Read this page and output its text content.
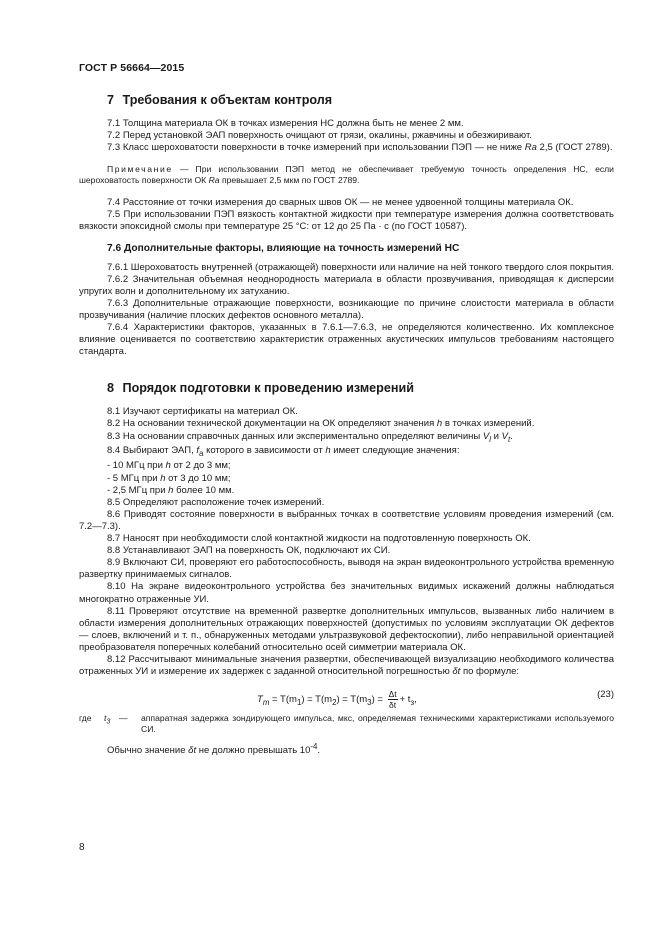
ГОСТ Р 56664—2015
7 Требования к объектам контроля

7.1 Толщина материала ОК в точках измерения НС должна быть не менее 2 мм.

7.2 Перед установкой ЭАП поверхность очищают от грязи, окалины, ржавчины и обезжиривают.

7.3 Класс шероховатости поверхности в точке измерений при использовании ПЭП — не ниже Ra 2,5 (ГОСТ 2789).

Примечание — При использовании ПЭП метод не обеспечивает требуемую точность определения НС, если шероховатость поверхности ОК Ra превышает 2,5 мкм по ГОСТ 2789.

7.4 Расстояние от точки измерения до сварных швов ОК — не менее удвоенной толщины материала ОК.

7.5 При использовании ПЭП вязкость контактной жидкости при температуре измерения должна соответствовать вязкости эпоксидной смолы при температуре 25 °С: от 12 до 25 Па · с (по ГОСТ 10587).

7.6 Дополнительные факторы, влияющие на точность измерений НС

7.6.1 Шероховатость внутренней (отражающей) поверхности или наличие на ней тонкого твердого слоя покрытия.

7.6.2 Значительная объемная неоднородность материала в области прозвучивания, приводящая к дисперсии упругих волн и дополнительному их затуханию.

7.6.3 Дополнительные отражающие поверхности, возникающие по причине слоистости материала в области прозвучивания (наличие плоских дефектов основного металла).

7.6.4 Характеристики факторов, указанных в 7.6.1—7.6.3, не определяются количественно. Их комплексное влияние оценивается по соответствию характеристик отраженных акустических импульсов требованиям настоящего стандарта.

8 Порядок подготовки к проведению измерений

8.1 Изучают сертификаты на материал ОК.

8.2 На основании технической документации на ОК определяют значения h в точках измерений.

8.3 На основании справочных данных или экспериментально определяют величины $V_l$ и $V_t$.

8.4 Выбирают ЭАП, $f_a$ которого в зависимости от h имеет следующие значения:

- 10 МГц при h от 2 до 3 мм;

- 5 МГц при h от 3 до 10 мм;

- 2,5 МГц при h более 10 мм.

8.5 Определяют расположение точек измерений.

8.6 Приводят состояние поверхности в выбранных точках в соответствие условиям проведения измерений (см. 7.2—7.3).

8.7 Наносят при необходимости слой контактной жидкости на подготовленную поверхность ОК.

8.8 Устанавливают ЭАП на поверхность ОК, подключают их СИ.

8.9 Включают СИ, проверяют его работоспособность, выводя на экран видеоконтрольного устройства временную развертку принимаемых сигналов.

8.10 На экране видеоконтрольного устройства без значительных видимых искажений должны наблюдаться многократно отраженные УИ.

8.11 Проверяют отсутствие на временной развертке дополнительных импульсов, вызванных либо наличием в области измерения дополнительных отражающих поверхностей (допустимых по условиям эксплуатации ОК дефектов — слоев, включений и т. п., обнаруженных методами ультразвуковой дефектоскопии), либо неправильной ориентацией преобразователя поперечных колебаний относительно осей симметрии материала ОК.

8.12 Рассчитывают минимальные значения развертки, обеспечивающей визуализацию необходимого количества отраженных УИ и измерение их задержек с заданной относительной погрешностью δt по формуле:

$T_m = T(m_1) = T(m_2) = T(m_3) = \frac{\Delta t}{\delta t} + t_з$,	(23)
где $t_3$ — аппаратная задержка зондирующего импульса, мкс, определяемая техническими характеристиками используемого СИ.

Обычно значение δt не должно превышать $10^{-4}$.

8
